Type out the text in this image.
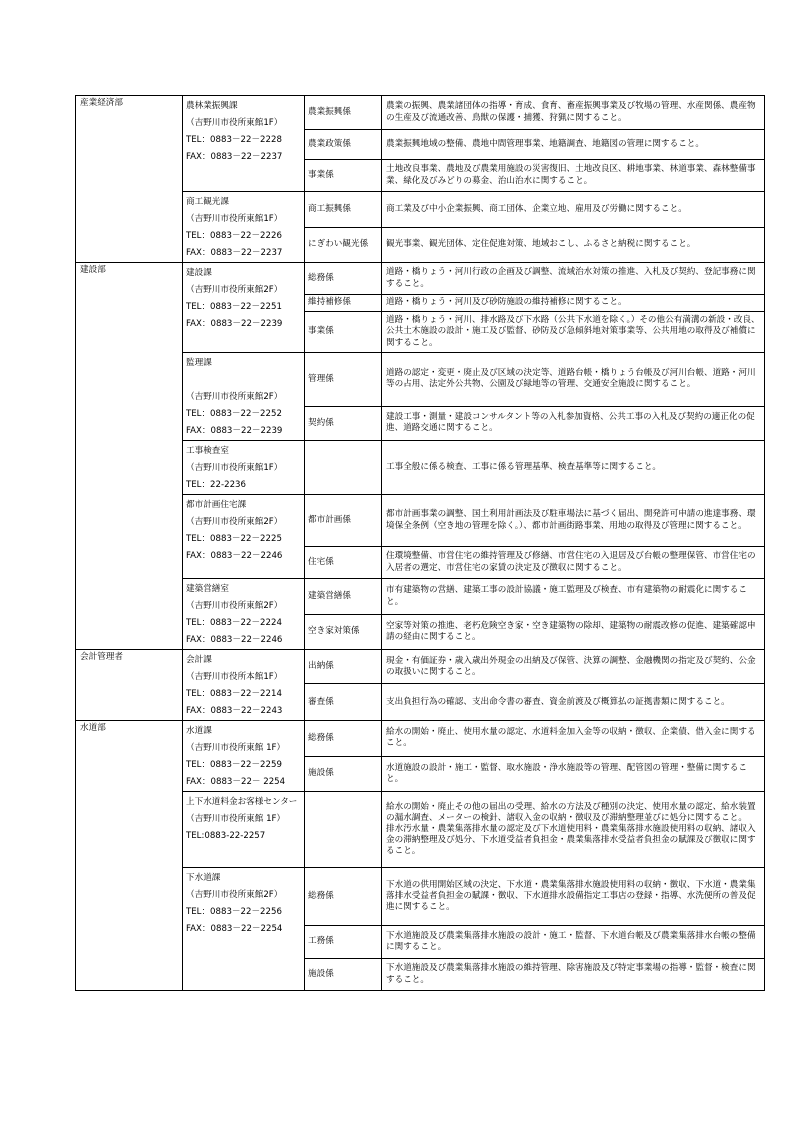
産業経済部	農林業振興課
（吉野川市役所東館1F）
TEL：0883－22－2228
FAX：0883－22－2237	農業振興係	農業の振興、農業諸団体の指導・育成、食育、畜産振興事業及び牧場の管理、水産関係、農産物の生産及び流通改善、鳥獣の保護・捕獲、狩猟に関すること。
		農業政策係	農業振興地域の整備、農地中間管理事業、地籍調査、地籍図の管理に関すること。
		事業係	土地改良事業、農地及び農業用施設の災害復旧、土地改良区、耕地事業、林道事業、森林整備事業、緑化及びみどりの募金、治山治水に関すること。

	商工観光課
（吉野川市役所東館1F）
TEL：0883－22－2226
FAX：0883－22－2237	商工振興係	商工業及び中小企業振興、商工団体、企業立地、雇用及び労働に関すること。
		にぎわい観光係	観光事業、観光団体、定住促進対策、地域おこし、ふるさと納税に関すること。
建設部	建設課
（吉野川市役所東館2F）
TEL：0883－22－2251
FAX：0883－22－2239	総務係	道路・橋りょう・河川行政の企画及び調整、流域治水対策の推進、入札及び契約、登記事務に関すること。
		維持補修係	道路・橋りょう・河川及び砂防施設の維持補修に関すること。
		事業係	道路・橋りょう・河川、排水路及び下水路（公共下水道を除く。）その他公有満溝の新設・改良、公共土木施設の設計・施工及び監督、砂防及び急傾斜地対策事業等、公共用地の取得及び補償に関すること。

	監理課
（吉野川市役所東館2F）
TEL：0883－22－2252
FAX：0883－22－2239	管理係	道路の認定・変更・廃止及び区域の決定等、道路台帳・橋りょう台帳及び河川台帳、道路・河川等の占用、法定外公共物、公園及び緑地等の管理、交通安全施設に関すること。
		契約係	建設工事・測量・建設コンサルタント等の入札参加資格、公共工事の入札及び契約の適正化の促進、道路交通に関すること。

	工事検査室
（吉野川市役所東館1F）
TEL：22-2236		工事全般に係る検査、工事に係る管理基準、検査基準等に関すること。

	都市計画住宅課
（吉野川市役所東館2F）
TEL：0883－22－2225
FAX：0883－22－2246	都市計画係	都市計画事業の調整、国土利用計画法及び駐車場法に基づく届出、開発許可申請の進達事務、環境保全条例（空き地の管理を除く。）、都市計画街路事業、用地の取得及び管理に関すること。
		住宅係	住環境整備、市営住宅の維持管理及び修繕、市営住宅の入退居及び台帳の整理保管、市営住宅の入居者の選定、市営住宅の家賃の決定及び徴収に関すること。

	建築営繕室
（吉野川市役所東館2F）
TEL：0883－22－2224
FAX：0883－22－2246	建築営繕係	市有建築物の営繕、建築工事の設計協議・施工監理及び検査、市有建築物の耐震化に関すること。
		空き家対策係	空家等対策の推進、老朽危険空き家・空き建築物の除却、建築物の耐震改修の促進、建築確認申請の経由に関すること。
会計管理者	会計課
（吉野川市役所本館1F）
TEL：0883－22－2214
FAX：0883－22－2243	出納係	現金・有価証券・歳入歳出外現金の出納及び保管、決算の調整、金融機関の指定及び契約、公金の取扱いに関すること。
		審査係	支出負担行為の確認、支出命令書の審査、資金前渡及び概算払の証拠書類に関すること。
水道部	水道課
（吉野川市役所東館 1F）
TEL：0883－22－2259
FAX：0883－22－ 2254	総務係	給水の開始・廃止、使用水量の認定、水道料金加入金等の収納・徴収、企業債、借入金に関すること。
		施設係	水道施設の設計・施工・監督、取水施設・浄水施設等の管理、配管図の管理・整備に関すること。

	上下水道料金お客様センター
（吉野川市役所東館 1F）
TEL:0883-22-2257		給水の開始・廃止その他の届出の受理、給水の方法及び種別の決定、使用水量の認定、給水装置の漏水調査、メーターの検針、諸収入金の収納・徴収及び滞納整理並びに処分に関すること。
排水汚水量・農業集落排水量の認定及び下水道使用料・農業集落排水施設使用料の収納、諸収入金の滞納整理及び処分、下水道受益者負担金・農業集落排水受益者負担金の賦課及び徴収に関すること。

	下水道課
（吉野川市役所東館2F）
TEL：0883－22－2256
FAX：0883－22－2254	総務係	下水道の供用開始区域の決定、下水道・農業集落排水施設使用料の収納・徴収、下水道・農業集落排水受益者負担金の賦課・徴収、下水道排水設備指定工事店の登録・指導、水洗便所の普及促進に関すること。
		工務係	下水道施設及び農業集落排水施設の設計・施工・監督、下水道台帳及び農業集落排水台帳の整備に関すること。
		施設係	下水道施設及び農業集落排水施設の維持管理、除害施設及び特定事業場の指導・監督・検査に関すること。
